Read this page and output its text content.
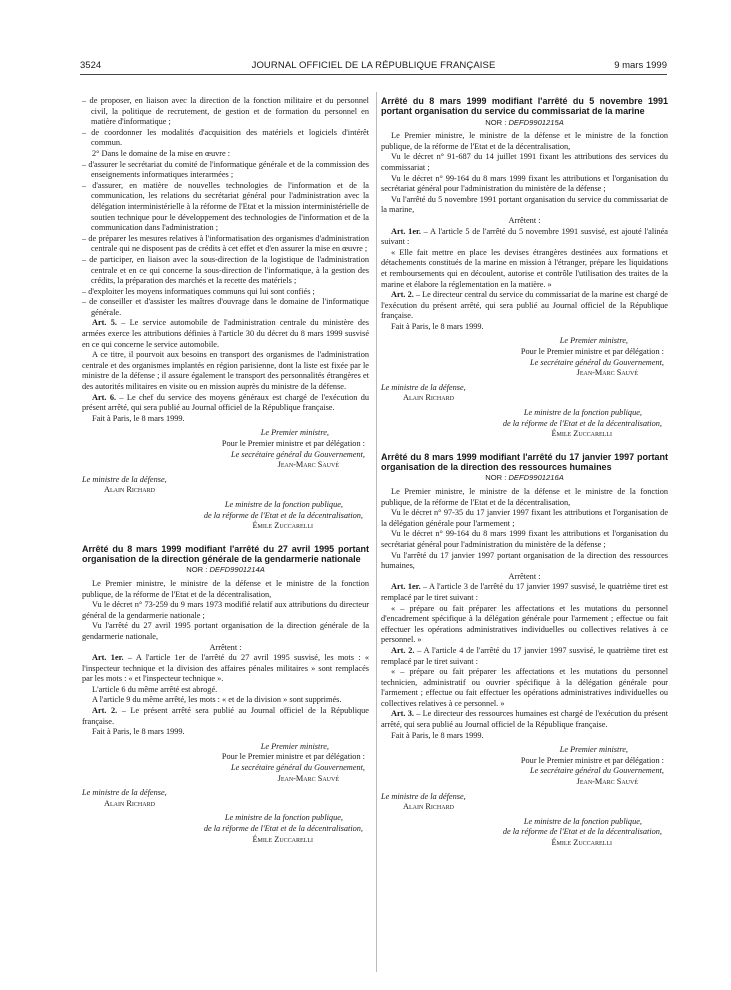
3524	JOURNAL OFFICIEL DE LA RÉPUBLIQUE FRANÇAISE	9 mars 1999

– de proposer, en liaison avec la direction de la fonction militaire et du personnel civil, la politique de recrutement, de gestion et de formation du personnel en matière d'informatique ;

– de coordonner les modalités d'acquisition des matériels et logiciels d'intérêt commun.

2° Dans le domaine de la mise en œuvre :

– d'assurer le secrétariat du comité de l'informatique générale et de la commission des enseignements informatiques interarmées ;

– d'assurer, en matière de nouvelles technologies de l'information et de la communication, les relations du secrétariat général pour l'administration avec la délégation interministérielle à la réforme de l'Etat et la mission interministérielle de soutien technique pour le développement des technologies de l'information et de la communication dans l'administration ;

– de préparer les mesures relatives à l'informatisation des organismes d'administration centrale qui ne disposent pas de crédits à cet effet et d'en assurer la mise en œuvre ;

– de participer, en liaison avec la sous-direction de la logistique de l'administration centrale et en ce qui concerne la sous-direction de l'informatique, à la gestion des crédits, la préparation des marchés et la recette des matériels ;

– d'exploiter les moyens informatiques communs qui lui sont confiés ;

– de conseiller et d'assister les maîtres d'ouvrage dans le domaine de l'informatique générale.

Art. 5. – Le service automobile de l'administration centrale du ministère des armées exerce les attributions définies à l'article 30 du décret du 8 mars 1999 susvisé en ce qui concerne le service automobile.

A ce titre, il pourvoit aux besoins en transport des organismes de l'administration centrale et des organismes implantés en région parisienne, dont la liste est fixée par le ministre de la défense ; il assure également le transport des personnalités étrangères et des autorités militaires en visite ou en mission auprès du ministre de la défense.

Art. 6. – Le chef du service des moyens généraux est chargé de l'exécution du présent arrêté, qui sera publié au Journal officiel de la République française.

Fait à Paris, le 8 mars 1999.

Le Premier ministre,

Pour le Premier ministre et par délégation :

Le secrétaire général du Gouvernement,

Jean-Marc Sauvé

Le ministre de la défense,

Alain Richard

Le ministre de la fonction publique,

de la réforme de l'Etat et de la décentralisation,

Émile Zuccarelli

Arrêté du 8 mars 1999 modifiant l'arrêté du 27 avril 1995 portant organisation de la direction générale de la gendarmerie nationale

NOR : DEFD9901214A

Le Premier ministre, le ministre de la défense et le ministre de la fonction publique, de la réforme de l'Etat et de la décentralisation,

Vu le décret n° 73-259 du 9 mars 1973 modifié relatif aux attributions du directeur général de la gendarmerie nationale ;

Vu l'arrêté du 27 avril 1995 portant organisation de la direction générale de la gendarmerie nationale,

Arrêtent :

Art. 1er. – A l'article 1er de l'arrêté du 27 avril 1995 susvisé, les mots : « l'inspecteur technique et la division des affaires pénales militaires » sont remplacés par les mots : « et l'inspecteur technique ».

L'article 6 du même arrêté est abrogé.

A l'article 9 du même arrêté, les mots : « et de la division » sont supprimés.

Art. 2. – Le présent arrêté sera publié au Journal officiel de la République française.

Fait à Paris, le 8 mars 1999.

Le Premier ministre,

Pour le Premier ministre et par délégation :

Le secrétaire général du Gouvernement,

Jean-Marc Sauvé

Le ministre de la défense,

Alain Richard

Le ministre de la fonction publique,

de la réforme de l'Etat et de la décentralisation,

Émile Zuccarelli

Arrêté du 8 mars 1999 modifiant l'arrêté du 5 novembre 1991 portant organisation du service du commissariat de la marine

NOR : DEFD9901215A

Le Premier ministre, le ministre de la défense et le ministre de la fonction publique, de la réforme de l'Etat et de la décentralisation,

Vu le décret n° 91-687 du 14 juillet 1991 fixant les attributions des services du commissariat ;

Vu le décret n° 99-164 du 8 mars 1999 fixant les attributions et l'organisation du secrétariat général pour l'administration du ministère de la défense ;

Vu l'arrêté du 5 novembre 1991 portant organisation du service du commissariat de la marine,

Arrêtent :

Art. 1er. – A l'article 5 de l'arrêté du 5 novembre 1991 susvisé, est ajouté l'alinéa suivant :

« Elle fait mettre en place les devises étrangères destinées aux formations et détachements constitués de la marine en mission à l'étranger, prépare les liquidations et remboursements qui en découlent, autorise et contrôle l'utilisation des traites de la marine et élabore la réglementation en la matière. »

Art. 2. – Le directeur central du service du commissariat de la marine est chargé de l'exécution du présent arrêté, qui sera publié au Journal officiel de la République française.

Fait à Paris, le 8 mars 1999.

Le Premier ministre,

Pour le Premier ministre et par délégation :

Le secrétaire général du Gouvernement,

Jean-Marc Sauvé

Le ministre de la défense,

Alain Richard

Le ministre de la fonction publique,

de la réforme de l'Etat et de la décentralisation,

Émile Zuccarelli

Arrêté du 8 mars 1999 modifiant l'arrêté du 17 janvier 1997 portant organisation de la direction des ressources humaines

NOR : DEFD9901216A

Le Premier ministre, le ministre de la défense et le ministre de la fonction publique, de la réforme de l'Etat et de la décentralisation,

Vu le décret n° 97-35 du 17 janvier 1997 fixant les attributions et l'organisation de la délégation générale pour l'armement ;

Vu le décret n° 99-164 du 8 mars 1999 fixant les attributions et l'organisation du secrétariat général pour l'administration du ministère de la défense ;

Vu l'arrêté du 17 janvier 1997 portant organisation de la direction des ressources humaines,

Arrêtent :

Art. 1er. – A l'article 3 de l'arrêté du 17 janvier 1997 susvisé, le quatrième tiret est remplacé par le tiret suivant :

« – prépare ou fait préparer les affectations et les mutations du personnel d'encadrement spécifique à la délégation générale pour l'armement ; effectue ou fait effectuer les opérations administratives individuelles ou collectives relatives à ce personnel. »

Art. 2. – A l'article 4 de l'arrêté du 17 janvier 1997 susvisé, le quatrième tiret est remplacé par le tiret suivant :

« – prépare ou fait préparer les affectations et les mutations du personnel technicien, administratif ou ouvrier spécifique à la délégation générale pour l'armement ; effectue ou fait effectuer les opérations administratives individuelles ou collectives relatives à ce personnel. »

Art. 3. – Le directeur des ressources humaines est chargé de l'exécution du présent arrêté, qui sera publié au Journal officiel de la République française.

Fait à Paris, le 8 mars 1999.

Le Premier ministre,

Pour le Premier ministre et par délégation :

Le secrétaire général du Gouvernement,

Jean-Marc Sauvé

Le ministre de la défense,

Alain Richard

Le ministre de la fonction publique,

de la réforme de l'Etat et de la décentralisation,

Émile Zuccarelli
